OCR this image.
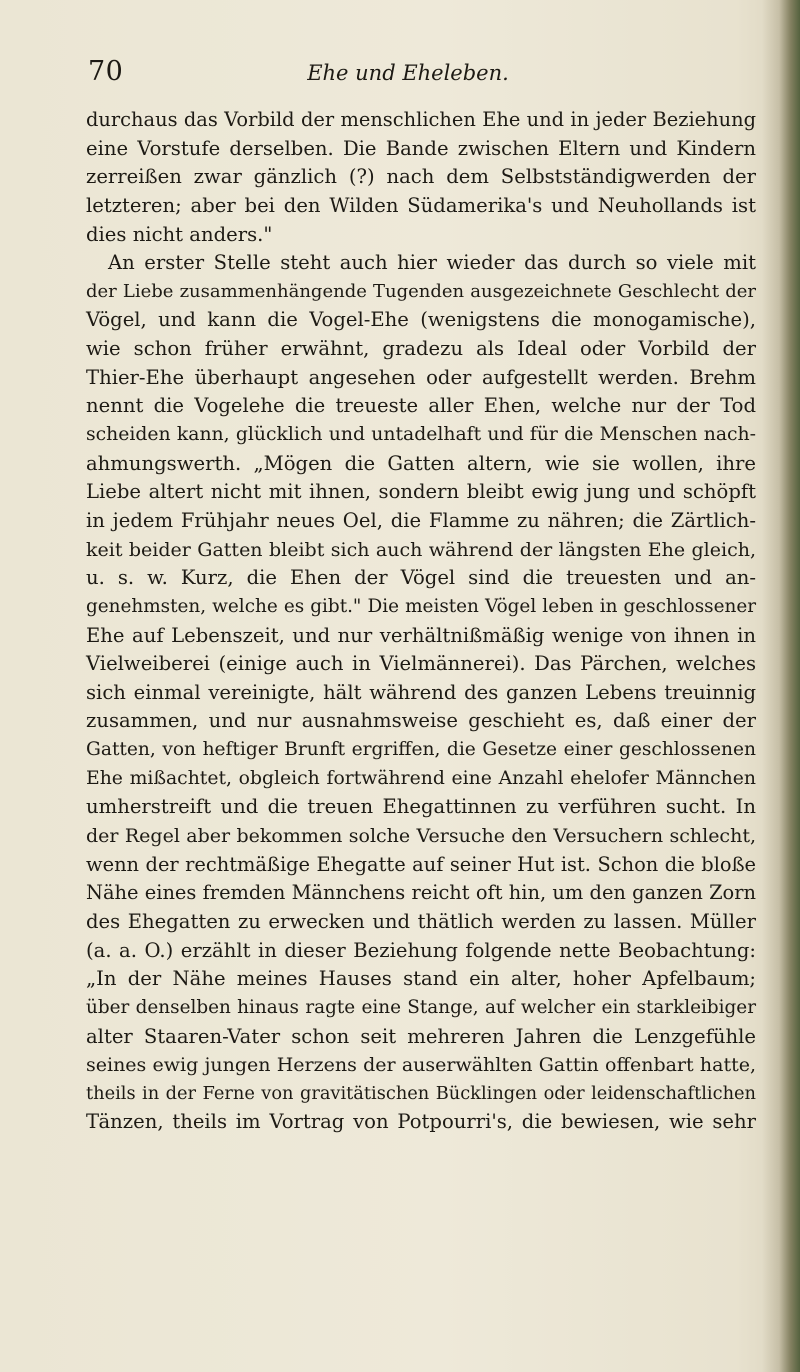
70	Ehe und Eheleben.
durchaus das Vorbild der menschlichen Ehe und in jeder Beziehung
eine Vorstufe derselben. Die Bande zwischen Eltern und Kindern
zerreißen zwar gänzlich (?) nach dem Selbstständigwerden der
letzteren; aber bei den Wilden Südamerika's und Neuhollands ist
dies nicht anders."
An erster Stelle steht auch hier wieder das durch so viele mit
der Liebe zusammenhängende Tugenden ausgezeichnete Geschlecht der
Vögel, und kann die Vogel-Ehe (wenigstens die monogamische),
wie schon früher erwähnt, gradezu als Ideal oder Vorbild der
Thier-Ehe überhaupt angesehen oder aufgestellt werden. Brehm
nennt die Vogelehe die treueste aller Ehen, welche nur der Tod
scheiden kann, glücklich und untadelhaft und für die Menschen nach-
ahmungswerth. „Mögen die Gatten altern, wie sie wollen, ihre
Liebe altert nicht mit ihnen, sondern bleibt ewig jung und schöpft
in jedem Frühjahr neues Oel, die Flamme zu nähren; die Zärtlich-
keit beider Gatten bleibt sich auch während der längsten Ehe gleich,
u. s. w. Kurz, die Ehen der Vögel sind die treuesten und an-
genehmsten, welche es gibt." Die meisten Vögel leben in geschlossener
Ehe auf Lebenszeit, und nur verhältnißmäßig wenige von ihnen in
Vielweiberei (einige auch in Vielmännerei). Das Pärchen, welches
sich einmal vereinigte, hält während des ganzen Lebens treuinnig
zusammen, und nur ausnahmsweise geschieht es, daß einer der
Gatten, von heftiger Brunft ergriffen, die Gesetze einer geschlossenen
Ehe mißachtet, obgleich fortwährend eine Anzahl ehelofer Männchen
umherstreift und die treuen Ehegattinnen zu verführen sucht. In
der Regel aber bekommen solche Versuche den Versuchern schlecht,
wenn der rechtmäßige Ehegatte auf seiner Hut ist. Schon die bloße
Nähe eines fremden Männchens reicht oft hin, um den ganzen Zorn
des Ehegatten zu erwecken und thätlich werden zu lassen. Müller
(a. a. O.) erzählt in dieser Beziehung folgende nette Beobachtung:
„In der Nähe meines Hauses stand ein alter, hoher Apfelbaum;
über denselben hinaus ragte eine Stange, auf welcher ein starkleibiger
alter Staaren-Vater schon seit mehreren Jahren die Lenzgefühle
seines ewig jungen Herzens der auserwählten Gattin offenbart hatte,
theils in der Ferne von gravitätischen Bücklingen oder leidenschaftlichen
Tänzen, theils im Vortrag von Potpourri's, die bewiesen, wie sehr
